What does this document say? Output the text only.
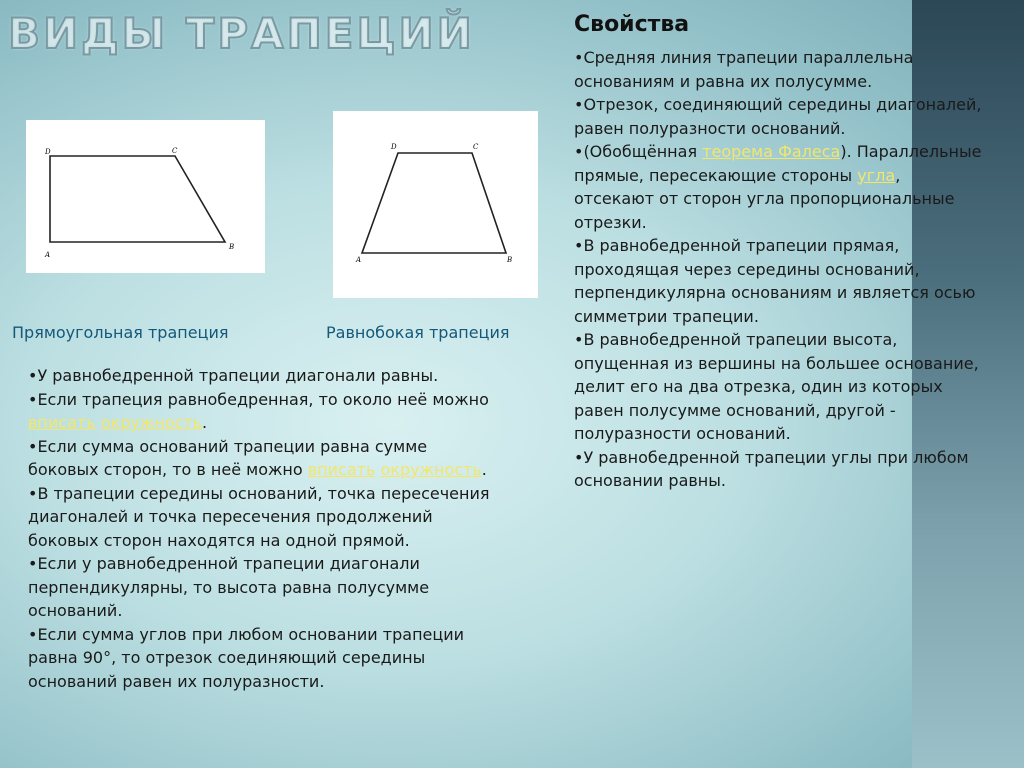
ВИДЫ ТРАПЕЦИЙ
D	C
A
B
D	C
A	B
Прямоугольная трапеция	Равнобокая трапеция

•У равнобедренной трапеции диагонали равны.

•Если трапеция равнобедренная, то около неё можно вписать окружность.

•Если сумма оснований трапеции равна сумме боковых сторон, то в неё можно вписать окружность.

•В трапеции середины оснований, точка пересечения диагоналей и точка пересечения продолжений боковых сторон находятся на одной прямой.

•Если у равнобедренной трапеции диагонали перпендикулярны, то высота равна полусумме оснований.

•Если сумма углов при любом основании трапеции равна 90°, то отрезок соединяющий середины оснований равен их полуразности.

Свойства

•Средняя линия трапеции параллельна основаниям и равна их полусумме.

•Отрезок, соединяющий середины диагоналей, равен полуразности оснований.

•(Обобщённая теорема Фалеса). Параллельные прямые, пересекающие стороны угла, отсекают от сторон угла пропорциональные отрезки.

•В равнобедренной трапеции прямая, проходящая через середины оснований, перпендикулярна основаниям и является осью симметрии трапеции.

•В равнобедренной трапеции высота, опущенная из вершины на большее основание, делит его на два отрезка, один из которых равен полусумме оснований, другой - полуразности оснований.

•У равнобедренной трапеции углы при любом основании равны.
